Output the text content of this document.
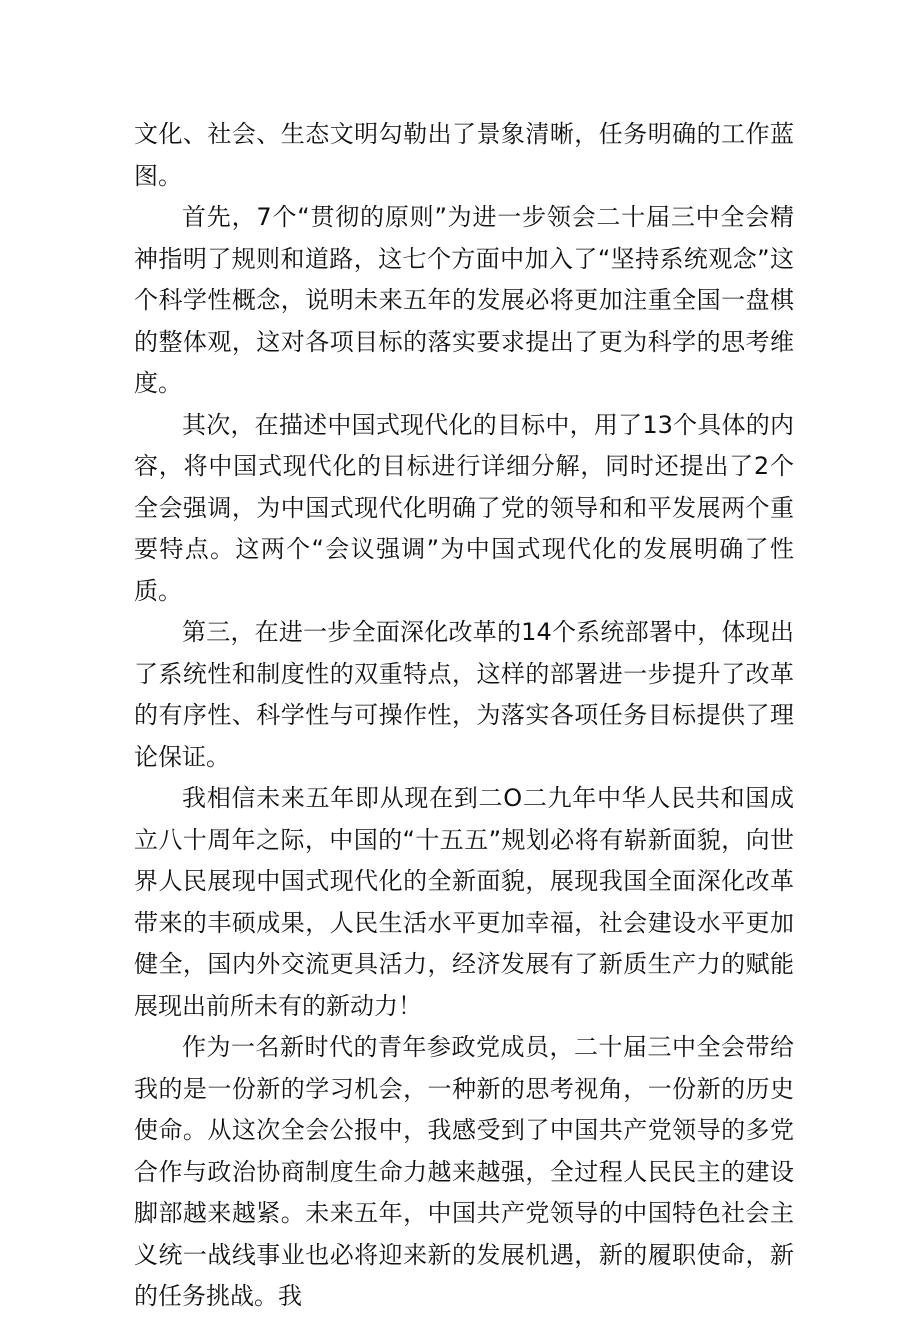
文化、社会、生态文明勾勒出了景象清晰，任务明确的工作蓝图。

首先，7个“贯彻的原则”为进一步领会二十届三中全会精神指明了规则和道路，这七个方面中加入了“坚持系统观念”这个科学性概念，说明未来五年的发展必将更加注重全国一盘棋的整体观，这对各项目标的落实要求提出了更为科学的思考维度。

其次，在描述中国式现代化的目标中，用了13个具体的内容，将中国式现代化的目标进行详细分解，同时还提出了2个全会强调，为中国式现代化明确了党的领导和和平发展两个重要特点。这两个“会议强调”为中国式现代化的发展明确了性质。

第三，在进一步全面深化改革的14个系统部署中，体现出了系统性和制度性的双重特点，这样的部署进一步提升了改革的有序性、科学性与可操作性，为落实各项任务目标提供了理论保证。

我相信未来五年即从现在到二O二九年中华人民共和国成立八十周年之际，中国的“十五五”规划必将有崭新面貌，向世界人民展现中国式现代化的全新面貌，展现我国全面深化改革带来的丰硕成果，人民生活水平更加幸福，社会建设水平更加健全，国内外交流更具活力，经济发展有了新质生产力的赋能展现出前所未有的新动力！

作为一名新时代的青年参政党成员，二十届三中全会带给我的是一份新的学习机会，一种新的思考视角，一份新的历史使命。从这次全会公报中，我感受到了中国共产党领导的多党合作与政治协商制度生命力越来越强，全过程人民民主的建设脚部越来越紧。未来五年，中国共产党领导的中国特色社会主义统一战线事业也必将迎来新的发展机遇，新的履职使命，新的任务挑战。我
